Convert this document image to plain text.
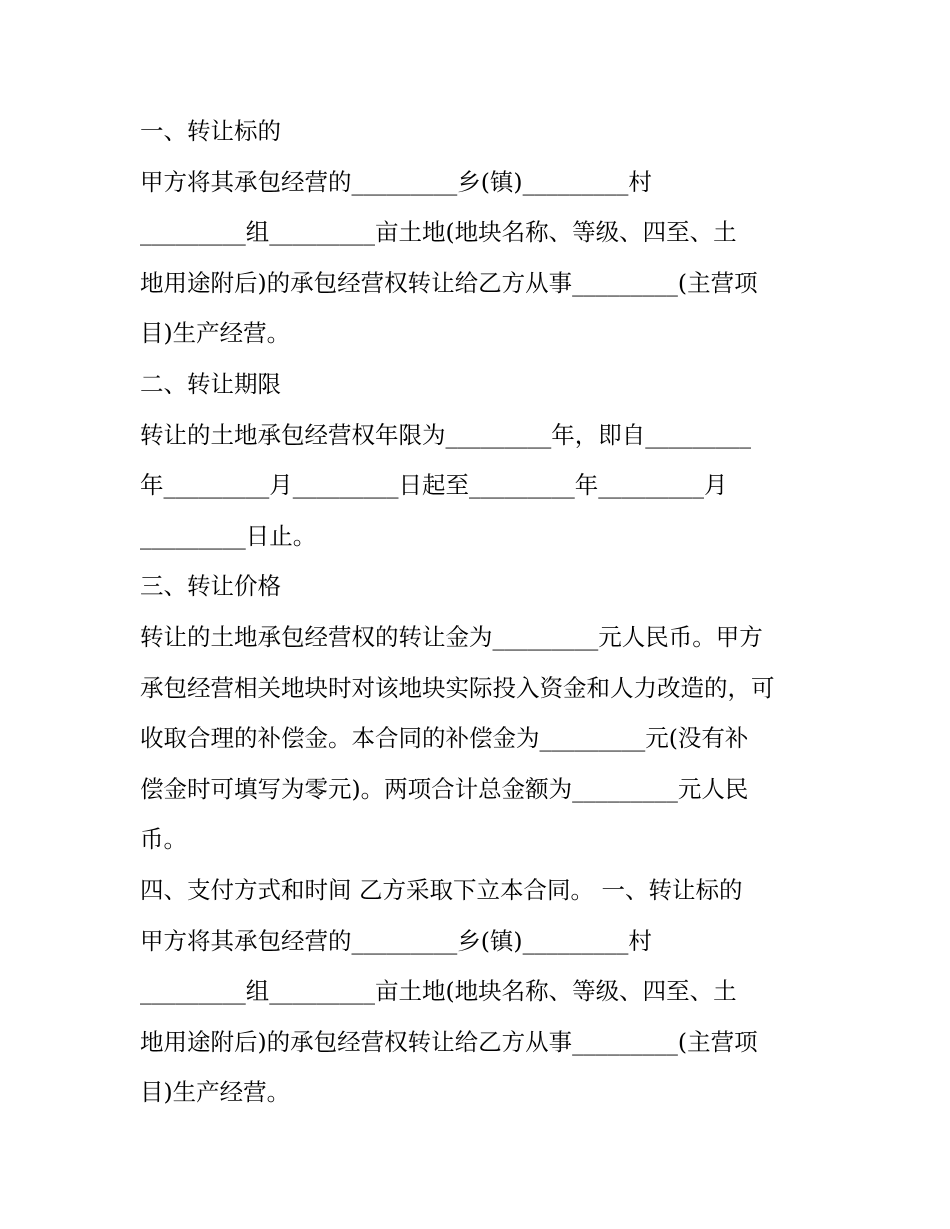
一、转让标的
甲方将其承包经营的_________乡(镇)_________村
_________组_________亩土地(地块名称、等级、四至、土
地用途附后)的承包经营权转让给乙方从事_________(主营项
目)生产经营。
二、转让期限
转让的土地承包经营权年限为_________年，即自_________
年_________月_________日起至_________年_________月
_________日止。
三、转让价格
转让的土地承包经营权的转让金为_________元人民币。甲方
承包经营相关地块时对该地块实际投入资金和人力改造的，可
收取合理的补偿金。本合同的补偿金为_________元(没有补
偿金时可填写为零元)。两项合计总金额为_________元人民
币。
四、支付方式和时间 乙方采取下立本合同。 一、转让标的
甲方将其承包经营的_________乡(镇)_________村
_________组_________亩土地(地块名称、等级、四至、土
地用途附后)的承包经营权转让给乙方从事_________(主营项
目)生产经营。
